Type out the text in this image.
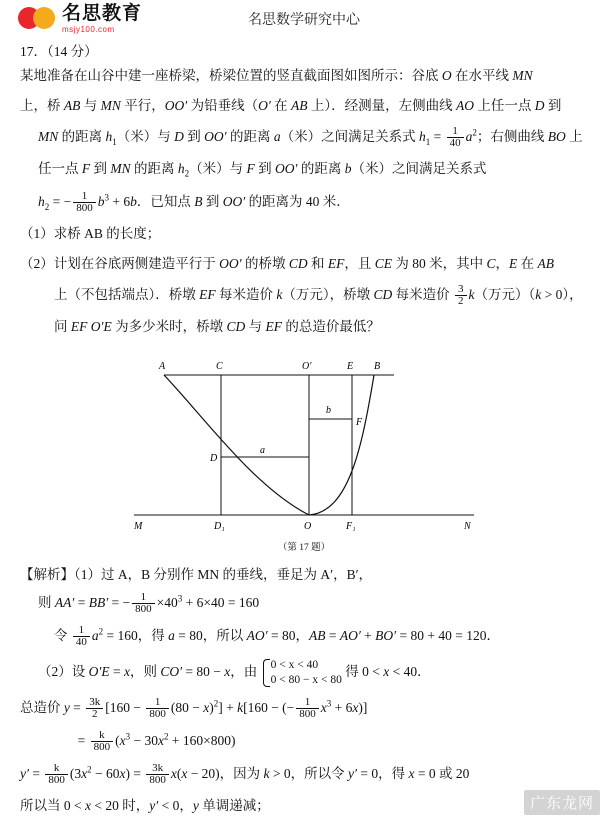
名思教育
msjy100.com
名思数学研究中心
17．（14 分）
某地准备在山谷中建一座桥梁，桥梁位置的竖直截面图如图所示：谷底 O 在水平线 MN
上，桥 AB 与 MN 平行，OO′ 为铅垂线（O′ 在 AB 上）．经测量，左侧曲线 AO 上任一点 D 到
MN 的距离 $h_1$（米）与 D 到 OO′ 的距离 a（米）之间满足关系式 $h_1 = \frac{1}{40} a^2$；右侧曲线 BO 上
任一点 F 到 MN 的距离 $h_2$（米）与 F 到 OO′ 的距离 b（米）之间满足关系式
$h_2$ = − $\frac{1}{800} b^3 + 6b$．已知点 B 到 OO′ 的距离为 40 米．
（1）求桥 AB 的长度；
（2）计划在谷底两侧建造平行于 OO′ 的桥墩 CD 和 EF，且 CE 为 80 米，其中 C，E 在 AB
上（不包括端点）．桥墩 EF 每米造价 k（万元），桥墩 CD 每米造价 $\frac{3}{2} k$（万元）（k > 0），
问 EF O′E 为多少米时，桥墩 CD 与 EF 的总造价最低？
A	B
C	E
O′
D
F
a
b
M	N
D₁	O	F₁
（第 17 题）
【解析】（1）过 A，B 分别作 MN 的垂线，垂足为 A′，B′，
则 AA′ = BB′ = − $\frac{1}{800} \times 40^3 + 6\times 40 = 160$
令 $\frac{1}{40} a^2 = 160$，得 a = 80，所以 AO′ = 80，AB = AO′ + BO′ = 80 + 40 = 120．
（2）设 O′E = x，则 CO′ = 80 − x，由 0 < x < 40
0 < 80 − x < 80 得 0 < x < 40．
总造价 $y = \frac{3k}{2} [160 - \frac{1}{800} (80 - x)^2] + k[160$ − (− $\frac{1}{800} x^3 + 6x$)]
= $\frac{k}{800} (x^3 - 30x^2 + 160\times 800)$
$y' = \frac{k}{800} (3x^2 - 60x) = \frac{3k}{800} x(x - 20)$，因为 k > 0，所以令 y′ = 0，得 x = 0 或 20
所以当 0 < x < 20 时，y′ < 0，y 单调递减；	广东龙网
